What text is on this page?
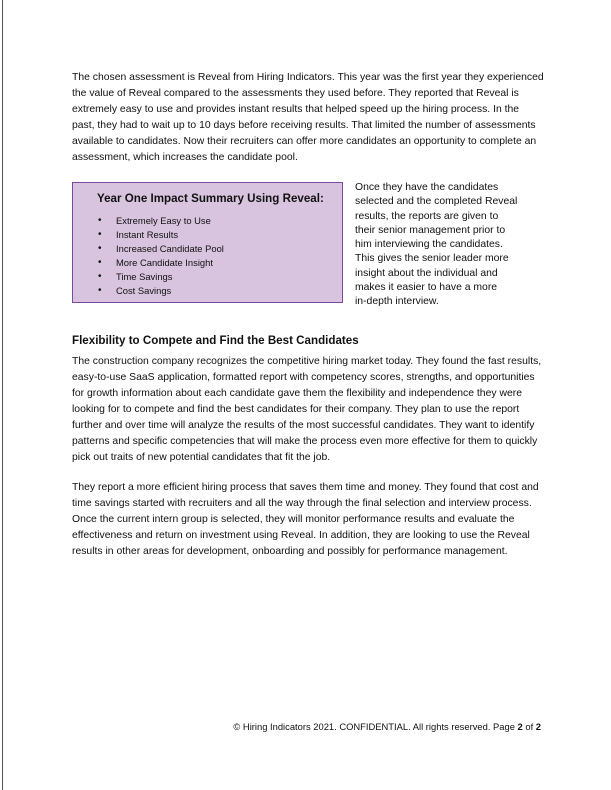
The chosen assessment is Reveal from Hiring Indicators. This year was the first year they experienced the value of Reveal compared to the assessments they used before. They reported that Reveal is extremely easy to use and provides instant results that helped speed up the hiring process. In the past, they had to wait up to 10 days before receiving results. That limited the number of assessments available to candidates. Now their recruiters can offer more candidates an opportunity to complete an assessment, which increases the candidate pool.

Year One Impact Summary Using Reveal:

• Extremely Easy to Use
• Instant Results
• Increased Candidate Pool
• More Candidate Insight
• Time Savings
• Cost Savings

Once they have the candidates
selected and the completed Reveal
results, the reports are given to
their senior management prior to
him interviewing the candidates.
This gives the senior leader more
insight about the individual and
makes it easier to have a more
in-depth interview.

Flexibility to Compete and Find the Best Candidates

The construction company recognizes the competitive hiring market today. They found the fast results, easy-to-use SaaS application, formatted report with competency scores, strengths, and opportunities for growth information about each candidate gave them the flexibility and independence they were looking for to compete and find the best candidates for their company. They plan to use the report further and over time will analyze the results of the most successful candidates. They want to identify patterns and specific competencies that will make the process even more effective for them to quickly pick out traits of new potential candidates that fit the job.

They report a more efficient hiring process that saves them time and money. They found that cost and time savings started with recruiters and all the way through the final selection and interview process. Once the current intern group is selected, they will monitor performance results and evaluate the effectiveness and return on investment using Reveal. In addition, they are looking to use the Reveal results in other areas for development, onboarding and possibly for performance management.

© Hiring Indicators 2021. CONFIDENTIAL. All rights reserved. Page 2 of 2
